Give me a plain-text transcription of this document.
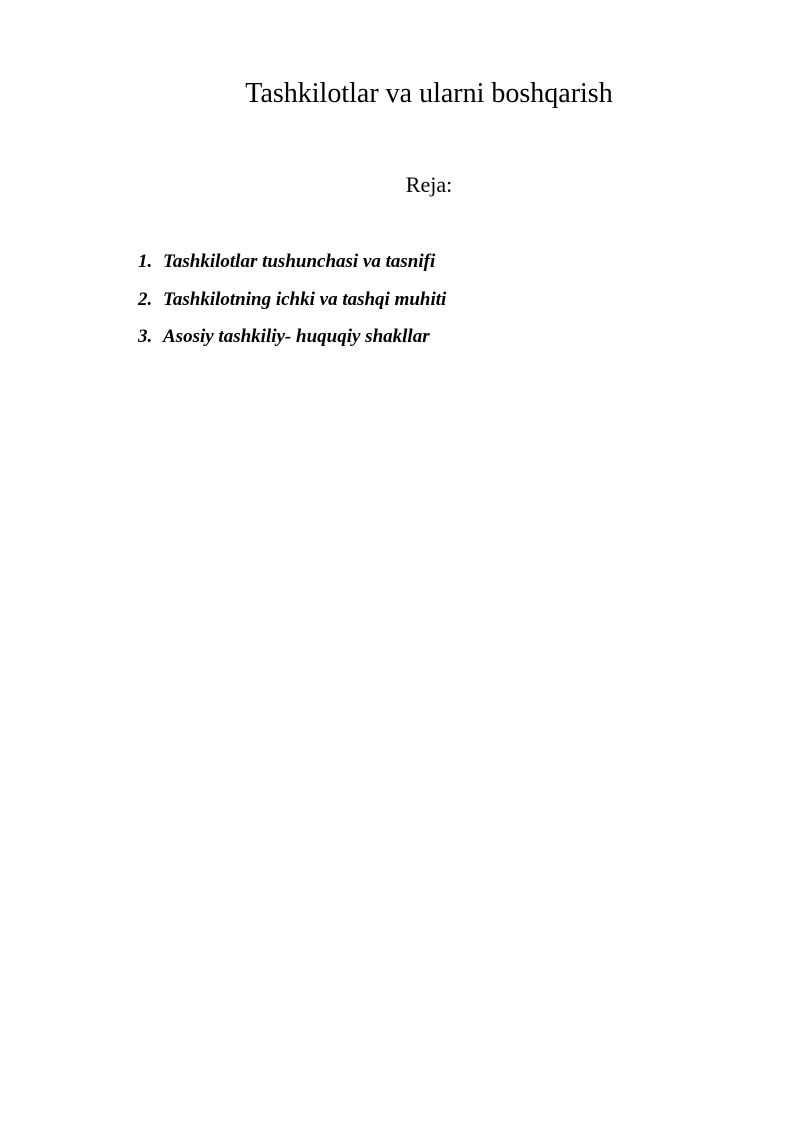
Tashkilotlar va ularni boshqarish
Reja:
1. Tashkilotlar tushunchasi va tasnifi
2. Tashkilotning ichki va tashqi muhiti
3. Asosiy tashkiliy- huquqiy shakllar
